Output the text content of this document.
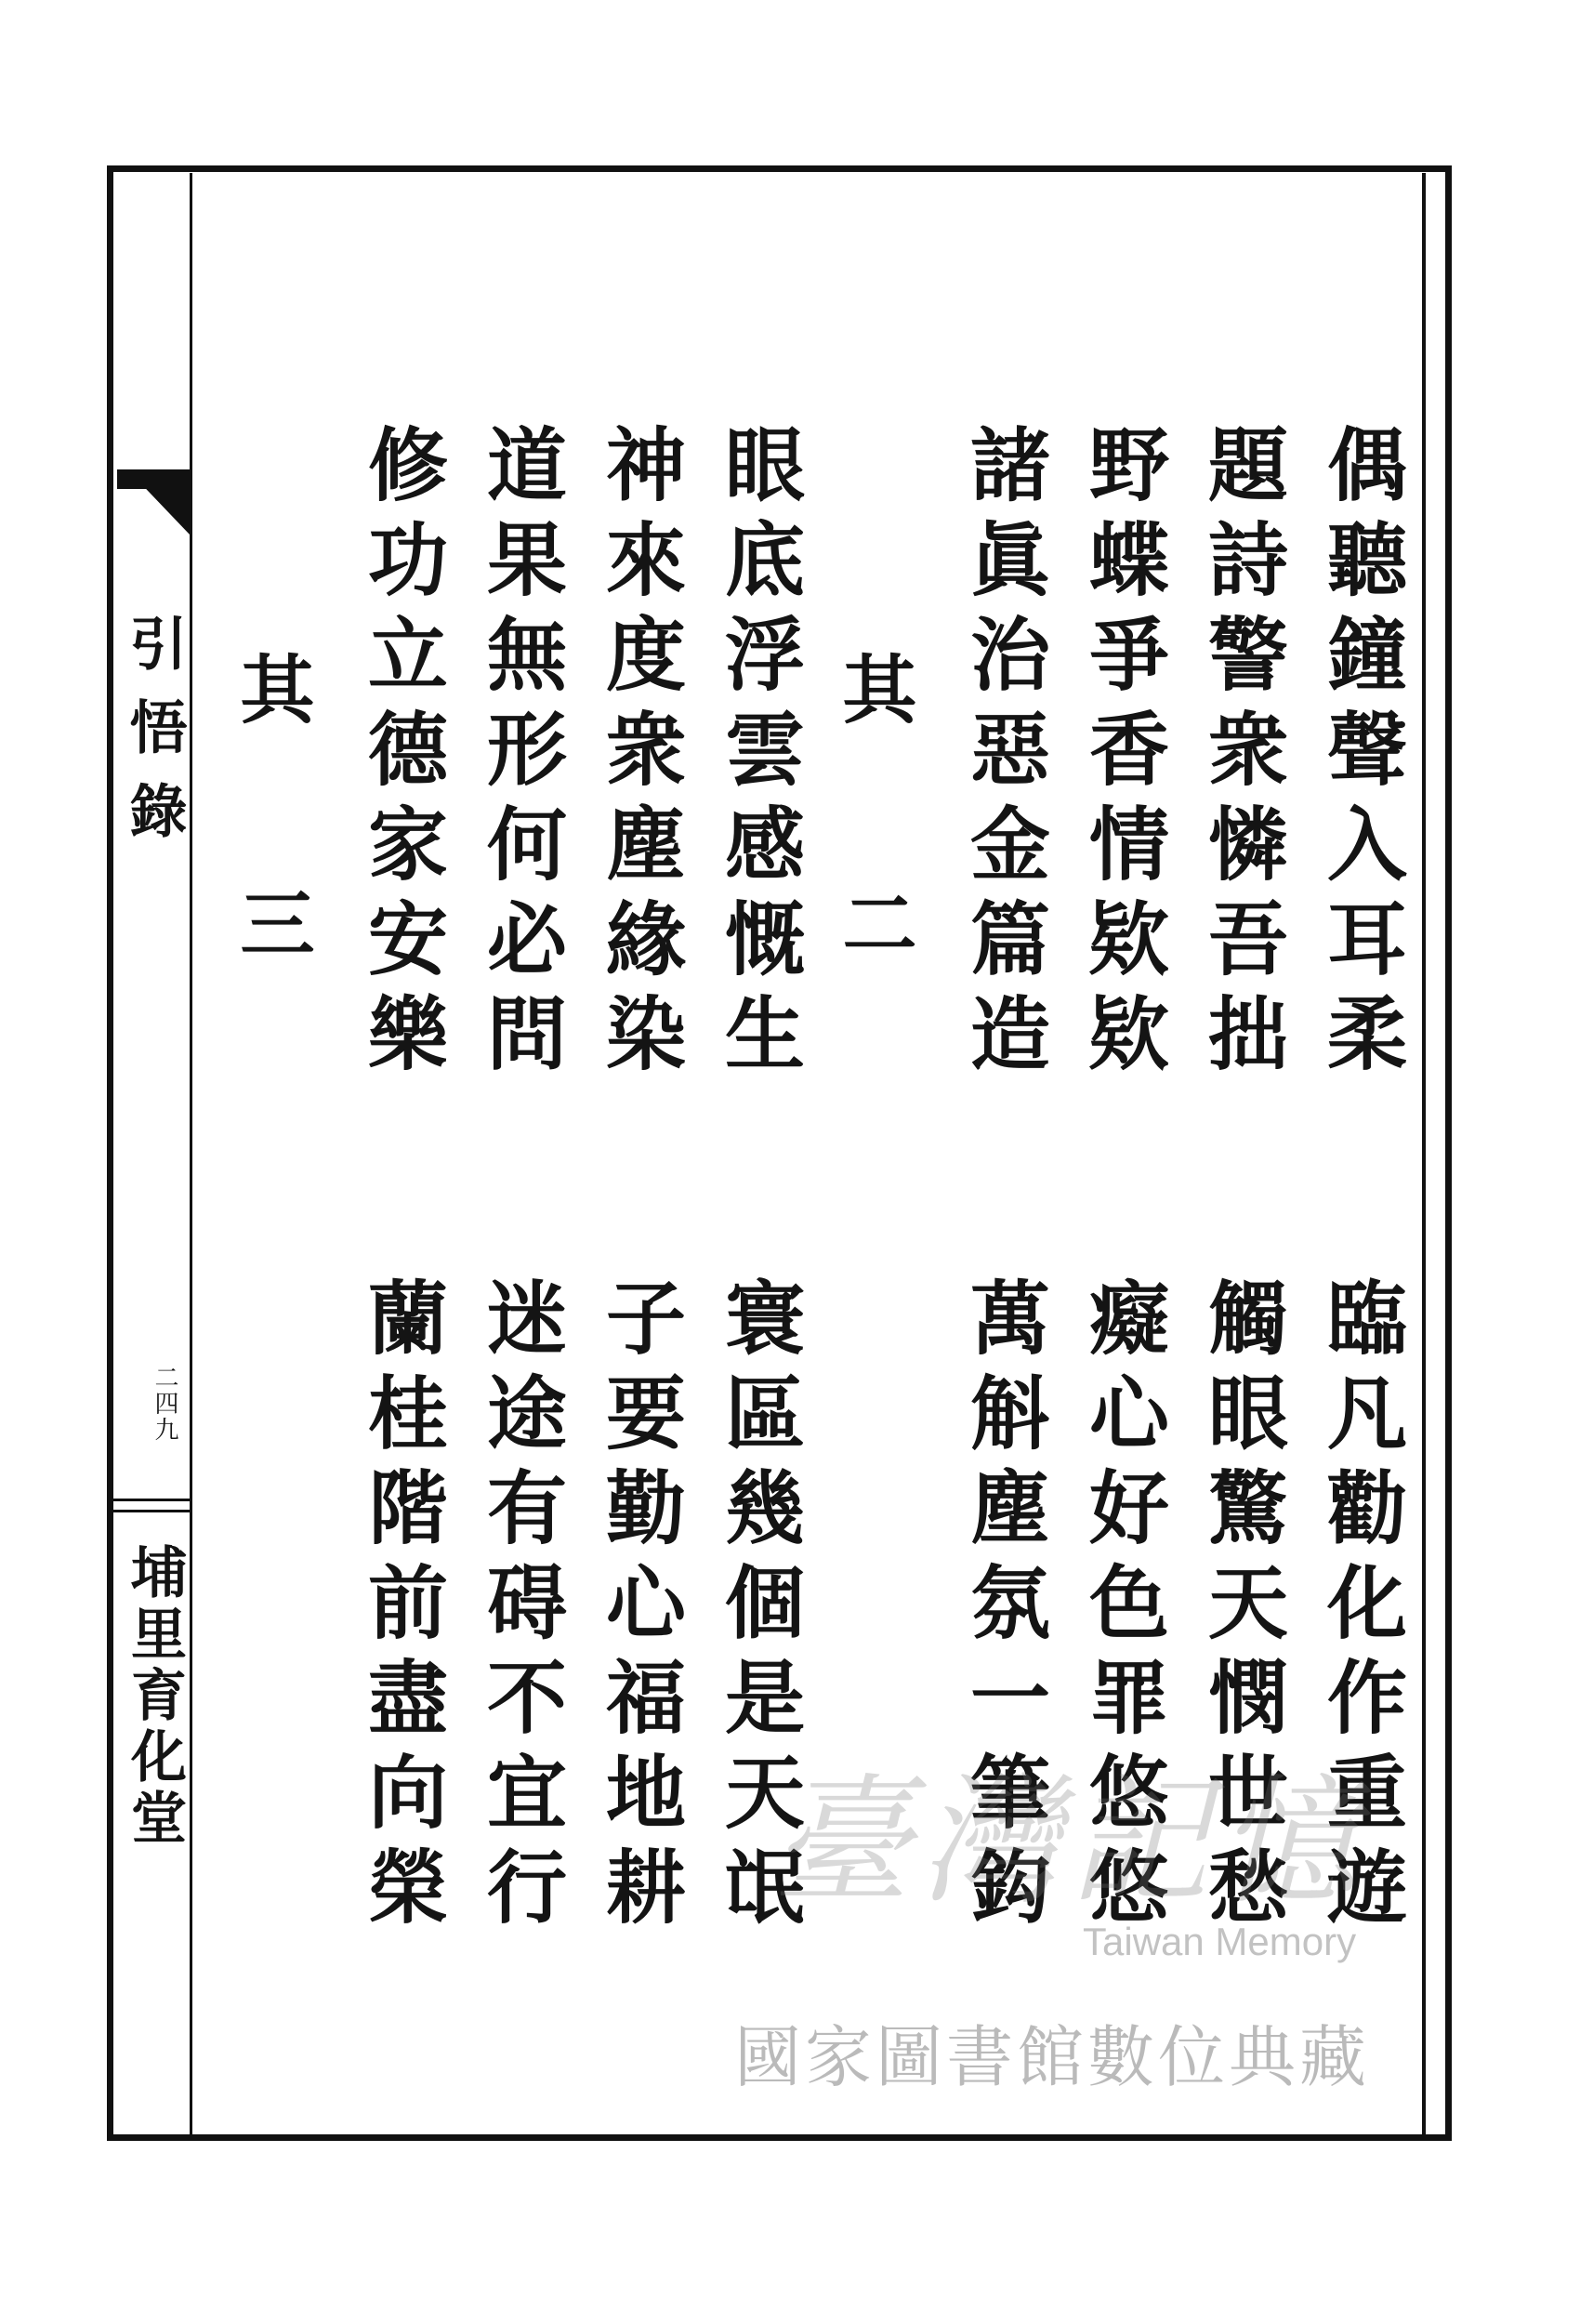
引悟錄
二四九
埔里育化堂	偶聽鐘聲入耳柔　　臨凡勸化作重遊
題詩警衆憐吾拙　　觸眼驚天憫世愁
野蝶爭香情欵欵　　癡心好色罪悠悠
諸眞治惡金篇造　　萬斛塵氛一筆鈎
其　二
眼底浮雲感慨生　　寰區幾個是天氓
神來度衆塵緣染　　子要勤心福地耕
道果無形何必問　　迷途有碍不宜行
修功立德家安樂　　蘭桂階前盡向榮
其　三
臺灣記憶
Taiwan Memory
國家圖書館數位典藏
